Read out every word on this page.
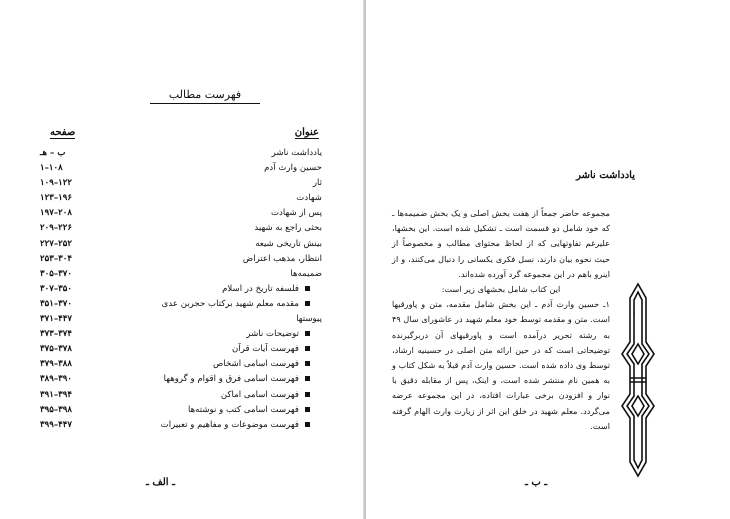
فهرست مطالب
عنوان
صفحه
یادداشت ناشر
ب – هـ
حسین وارث آدم
۱–۱۰۸
ثار
۱۰۹–۱۲۲
شهادت
۱۲۳–۱۹۶
پس از شهادت
۱۹۷–۲۰۸
بحثی راجع به شهید
۲۰۹–۲۲۶
بینش تاریخی شیعه
۲۲۷–۲۵۲
انتظار، مذهب اعتراض
۲۵۳–۳۰۴
ضمیمه‌ها
۳۰۵–۳۷۰
فلسفه تاریخ در اسلام
۳۰۷–۳۵۰
مقدمه معلم شهید برکتاب حجربن عدی
۳۵۱–۳۷۰
پیوستها
۳۷۱–۴۴۷
توضیحات ناشر
۳۷۳–۳۷۴
فهرست آیات قرآن
۳۷۵–۳۷۸
فهرست اسامی اشخاص
۳۷۹–۳۸۸
فهرست اسامی فرق و اقوام و گروهها
۳۸۹–۳۹۰
فهرست اسامی اماکن
۳۹۱–۳۹۴
فهرست اسامی کتب و نوشته‌ها
۳۹۵–۳۹۸
فهرست موضوعات و مفاهیم و تعبیرات
۳۹۹–۴۴۷
ـ الف ـ
یادداشت ناشر

مجموعه حاضر جمعاً از هفت بخش اصلی و یک بخش ضمیمه‌ها ـ که خود شامل دو قسمت است ـ تشکیل شده است. این بخشها، علیرغم تفاوتهایی که از لحاظ محتوای مطالب و مخصوصاً از حیث نحوه بیان دارند، نسل فکری یکسانی را دنبال می‌کنند، و از اینرو باهم در این مجموعه گرد آورده شده‌اند.

این کتاب شامل بخشهای زیر است:

۱ـ حسین وارث آدم ـ این بخش شامل مقدمه، متن و پاورقیها است. متن و مقدمه توسط خود معلم شهید در عاشورای سال ۴۹ به رشته تحریر درآمده است و پاورقیهای آن دربرگیرنده توضیحاتی است که در حین ارائه متن اصلی در حسینیه ارشاد، توسط وی داده شده است. حسین وارث آدم قبلاً به شکل کتاب و به همین نام منتشر شده است، و اینک، پس از مقابله دقیق با نوار و افزودن برخی عبارات افتاده، در این مجموعه عرضه می‌گردد. معلم شهید در خلق این اثر از زیارت وارث الهام گرفته است.

۱
ـ ب ـ
